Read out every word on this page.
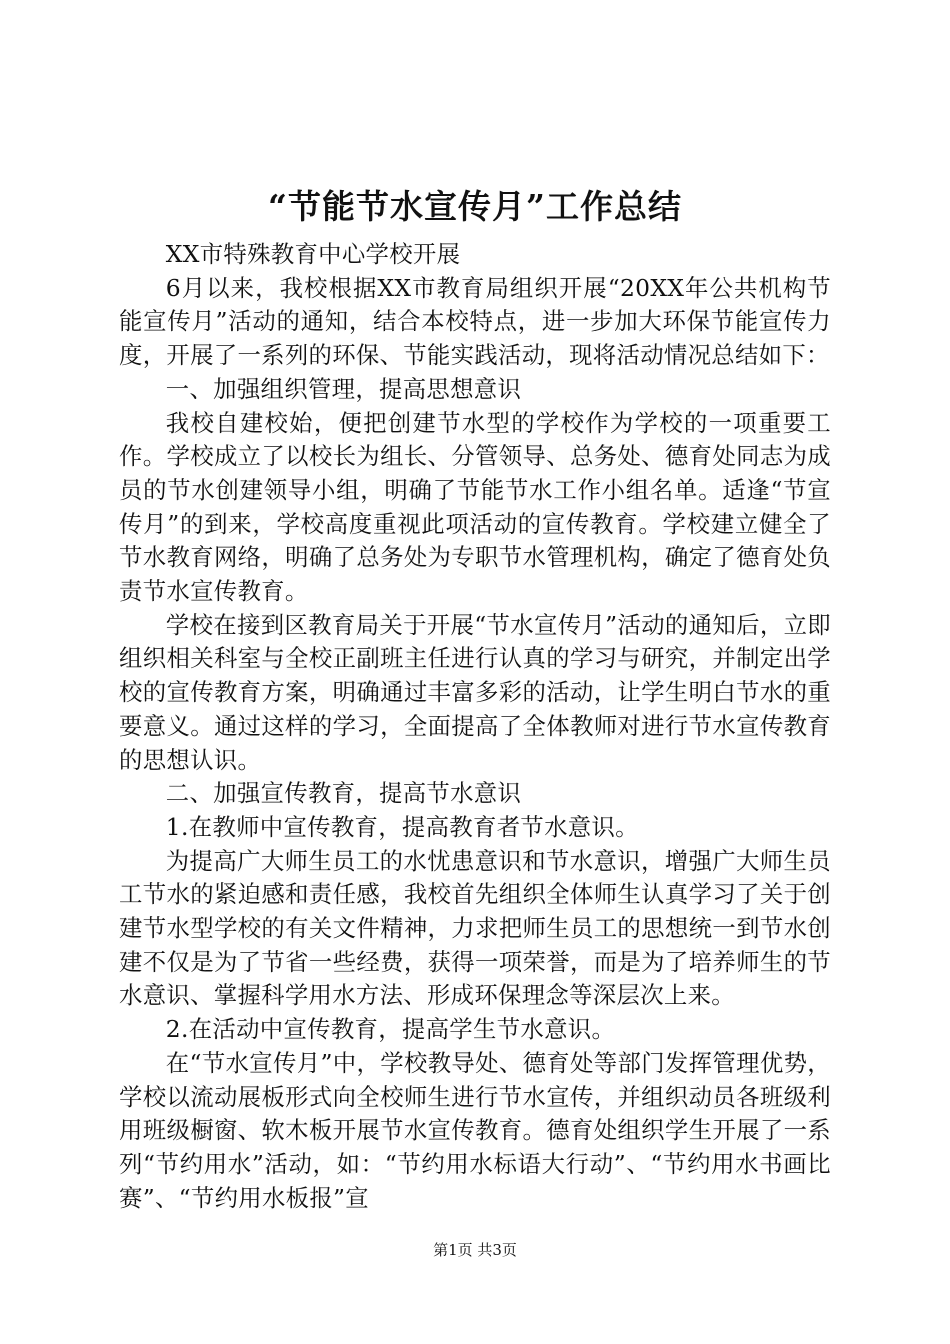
“节能节水宣传月”工作总结

XX市特殊教育中心学校开展

6月以来，我校根据XX市教育局组织开展“20XX年公共机构节能宣传月”活动的通知，结合本校特点，进一步加大环保节能宣传力度，开展了一系列的环保、节能实践活动，现将活动情况总结如下：

一、加强组织管理，提高思想意识

我校自建校始，便把创建节水型的学校作为学校的一项重要工作。学校成立了以校长为组长、分管领导、总务处、德育处同志为成员的节水创建领导小组，明确了节能节水工作小组名单。适逢“节宣传月”的到来，学校高度重视此项活动的宣传教育。学校建立健全了节水教育网络，明确了总务处为专职节水管理机构，确定了德育处负责节水宣传教育。

学校在接到区教育局关于开展“节水宣传月”活动的通知后，立即组织相关科室与全校正副班主任进行认真的学习与研究，并制定出学校的宣传教育方案，明确通过丰富多彩的活动，让学生明白节水的重要意义。通过这样的学习，全面提高了全体教师对进行节水宣传教育的思想认识。

二、加强宣传教育，提高节水意识

1.在教师中宣传教育，提高教育者节水意识。

为提高广大师生员工的水忧患意识和节水意识，增强广大师生员工节水的紧迫感和责任感，我校首先组织全体师生认真学习了关于创建节水型学校的有关文件精神，力求把师生员工的思想统一到节水创建不仅是为了节省一些经费，获得一项荣誉，而是为了培养师生的节水意识、掌握科学用水方法、形成环保理念等深层次上来。

2.在活动中宣传教育，提高学生节水意识。

在“节水宣传月”中，学校教导处、德育处等部门发挥管理优势，学校以流动展板形式向全校师生进行节水宣传，并组织动员各班级利用班级橱窗、软木板开展节水宣传教育。德育处组织学生开展了一系列“节约用水”活动，如：“节约用水标语大行动”、“节约用水书画比赛”、“节约用水板报”宣

第1页 共3页
